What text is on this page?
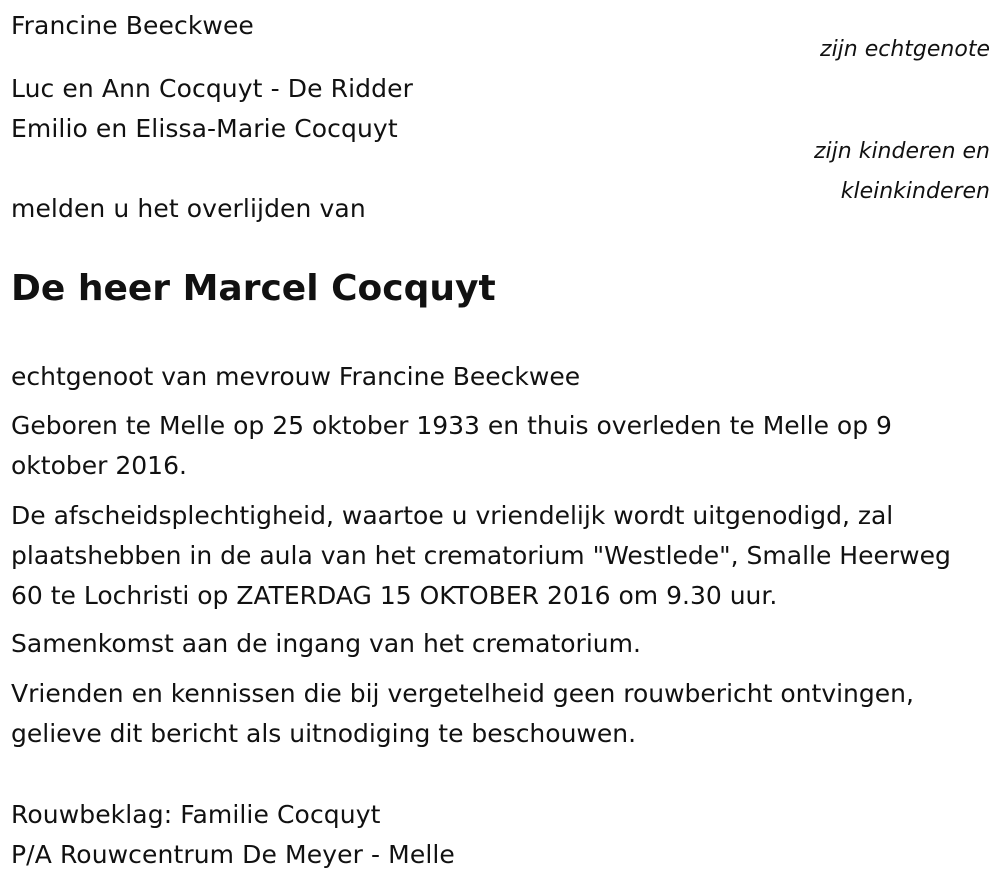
Francine Beeckwee
zijn echtgenote
Luc en Ann Cocquyt - De Ridder
Emilio en Elissa-Marie Cocquyt
zijn kinderen en
kleinkinderen
melden u het overlijden van
De heer Marcel Cocquyt

echtgenoot van mevrouw Francine Beeckwee

Geboren te Melle op 25 oktober 1933 en thuis overleden te Melle op 9 oktober 2016.

De afscheidsplechtigheid, waartoe u vriendelijk wordt uitgenodigd, zal plaatshebben in de aula van het crematorium "Westlede", Smalle Heerweg 60 te Lochristi op ZATERDAG 15 OKTOBER 2016 om 9.30 uur.

Samenkomst aan de ingang van het crematorium.

Vrienden en kennissen die bij vergetelheid geen rouwbericht ontvingen, gelieve dit bericht als uitnodiging te beschouwen.

Rouwbeklag: Familie Cocquyt
P/A Rouwcentrum De Meyer - Melle
